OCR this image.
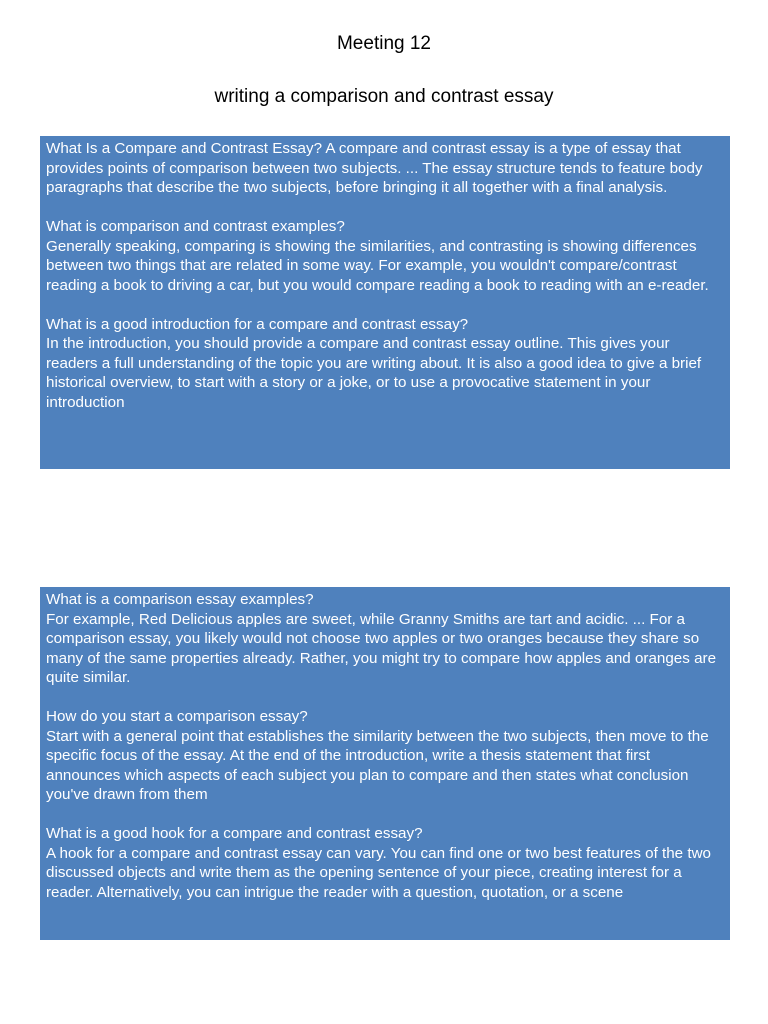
Meeting 12
writing a comparison and contrast essay
What Is a Compare and Contrast Essay? A compare and contrast essay is a type of essay that provides points of comparison between two subjects. ... The essay structure tends to feature body paragraphs that describe the two subjects, before bringing it all together with a final analysis.

What is comparison and contrast examples?

Generally speaking, comparing is showing the similarities, and contrasting is showing differences between two things that are related in some way. For example, you wouldn't compare/contrast reading a book to driving a car, but you would compare reading a book to reading with an e-reader.

What is a good introduction for a compare and contrast essay?

In the introduction, you should provide a compare and contrast essay outline. This gives your readers a full understanding of the topic you are writing about. It is also a good idea to give a brief historical overview, to start with a story or a joke, or to use a provocative statement in your introduction

What is a comparison essay examples?

For example, Red Delicious apples are sweet, while Granny Smiths are tart and acidic. ... For a comparison essay, you likely would not choose two apples or two oranges because they share so many of the same properties already. Rather, you might try to compare how apples and oranges are quite similar.

How do you start a comparison essay?

Start with a general point that establishes the similarity between the two subjects, then move to the specific focus of the essay. At the end of the introduction, write a thesis statement that first announces which aspects of each subject you plan to compare and then states what conclusion you've drawn from them

What is a good hook for a compare and contrast essay?

A hook for a compare and contrast essay can vary. You can find one or two best features of the two discussed objects and write them as the opening sentence of your piece, creating interest for a reader. Alternatively, you can intrigue the reader with a question, quotation, or a scene
